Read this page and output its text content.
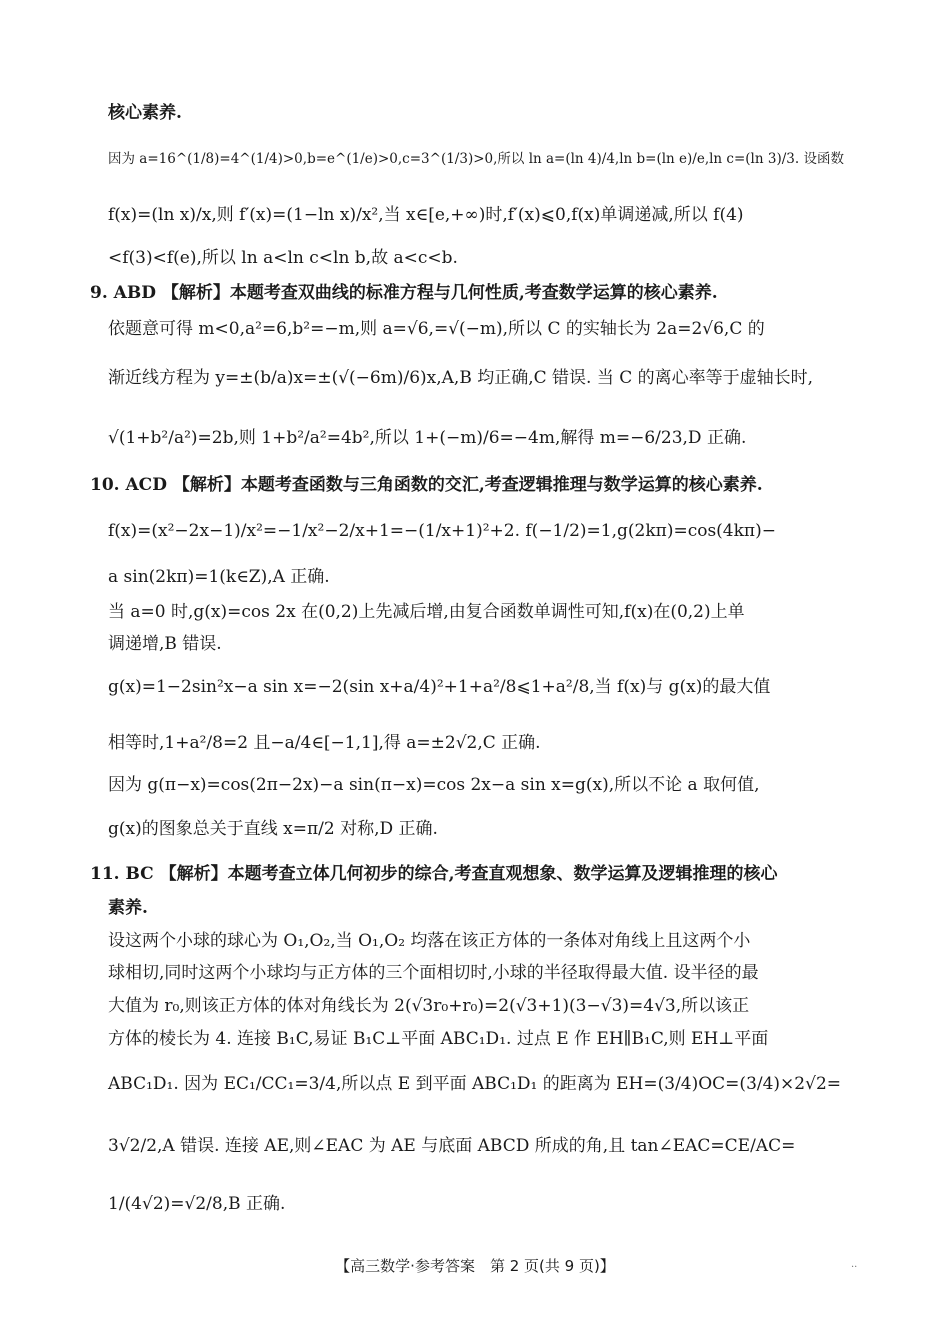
核心素养.
因为 a=16^(1/8)=4^(1/4)>0,b=e^(1/e)>0,c=3^(1/3)>0,所以 ln a=(ln 4)/4,ln b=(ln e)/e,ln c=(ln 3)/3. 设函数
f(x)=(ln x)/x,则 f′(x)=(1−ln x)/x²,当 x∈[e,+∞)时,f′(x)⩽0,f(x)单调递减,所以 f(4)
<f(3)<f(e),所以 ln a<ln c<ln b,故 a<c<b.
9. ABD 【解析】本题考查双曲线的标准方程与几何性质,考查数学运算的核心素养.
依题意可得 m<0,a²=6,b²=−m,则 a=√6,=√(−m),所以 C 的实轴长为 2a=2√6,C 的
渐近线方程为 y=±(b/a)x=±(√(−6m)/6)x,A,B 均正确,C 错误. 当 C 的离心率等于虚轴长时,
√(1+b²/a²)=2b,则 1+b²/a²=4b²,所以 1+(−m)/6=−4m,解得 m=−6/23,D 正确.
10. ACD 【解析】本题考查函数与三角函数的交汇,考查逻辑推理与数学运算的核心素养.
f(x)=(x²−2x−1)/x²=−1/x²−2/x+1=−(1/x+1)²+2. f(−1/2)=1,g(2kπ)=cos(4kπ)−
a sin(2kπ)=1(k∈Z),A 正确.
当 a=0 时,g(x)=cos 2x 在(0,2)上先减后增,由复合函数单调性可知,f(x)在(0,2)上单
调递增,B 错误.
g(x)=1−2sin²x−a sin x=−2(sin x+a/4)²+1+a²/8⩽1+a²/8,当 f(x)与 g(x)的最大值
相等时,1+a²/8=2 且−a/4∈[−1,1],得 a=±2√2,C 正确.
因为 g(π−x)=cos(2π−2x)−a sin(π−x)=cos 2x−a sin x=g(x),所以不论 a 取何值,
g(x)的图象总关于直线 x=π/2 对称,D 正确.
11. BC 【解析】本题考查立体几何初步的综合,考查直观想象、数学运算及逻辑推理的核心
素养.
设这两个小球的球心为 O₁,O₂,当 O₁,O₂ 均落在该正方体的一条体对角线上且这两个小
球相切,同时这两个小球均与正方体的三个面相切时,小球的半径取得最大值. 设半径的最
大值为 r₀,则该正方体的体对角线长为 2(√3r₀+r₀)=2(√3+1)(3−√3)=4√3,所以该正
方体的棱长为 4. 连接 B₁C,易证 B₁C⊥平面 ABC₁D₁. 过点 E 作 EH∥B₁C,则 EH⊥平面
ABC₁D₁. 因为 EC₁/CC₁=3/4,所以点 E 到平面 ABC₁D₁ 的距离为 EH=(3/4)OC=(3/4)×2√2=
3√2/2,A 错误. 连接 AE,则∠EAC 为 AE 与底面 ABCD 所成的角,且 tan∠EAC=CE/AC=
1/(4√2)=√2/8,B 正确.
【高三数学·参考答案　第 2 页(共 9 页)】	··
